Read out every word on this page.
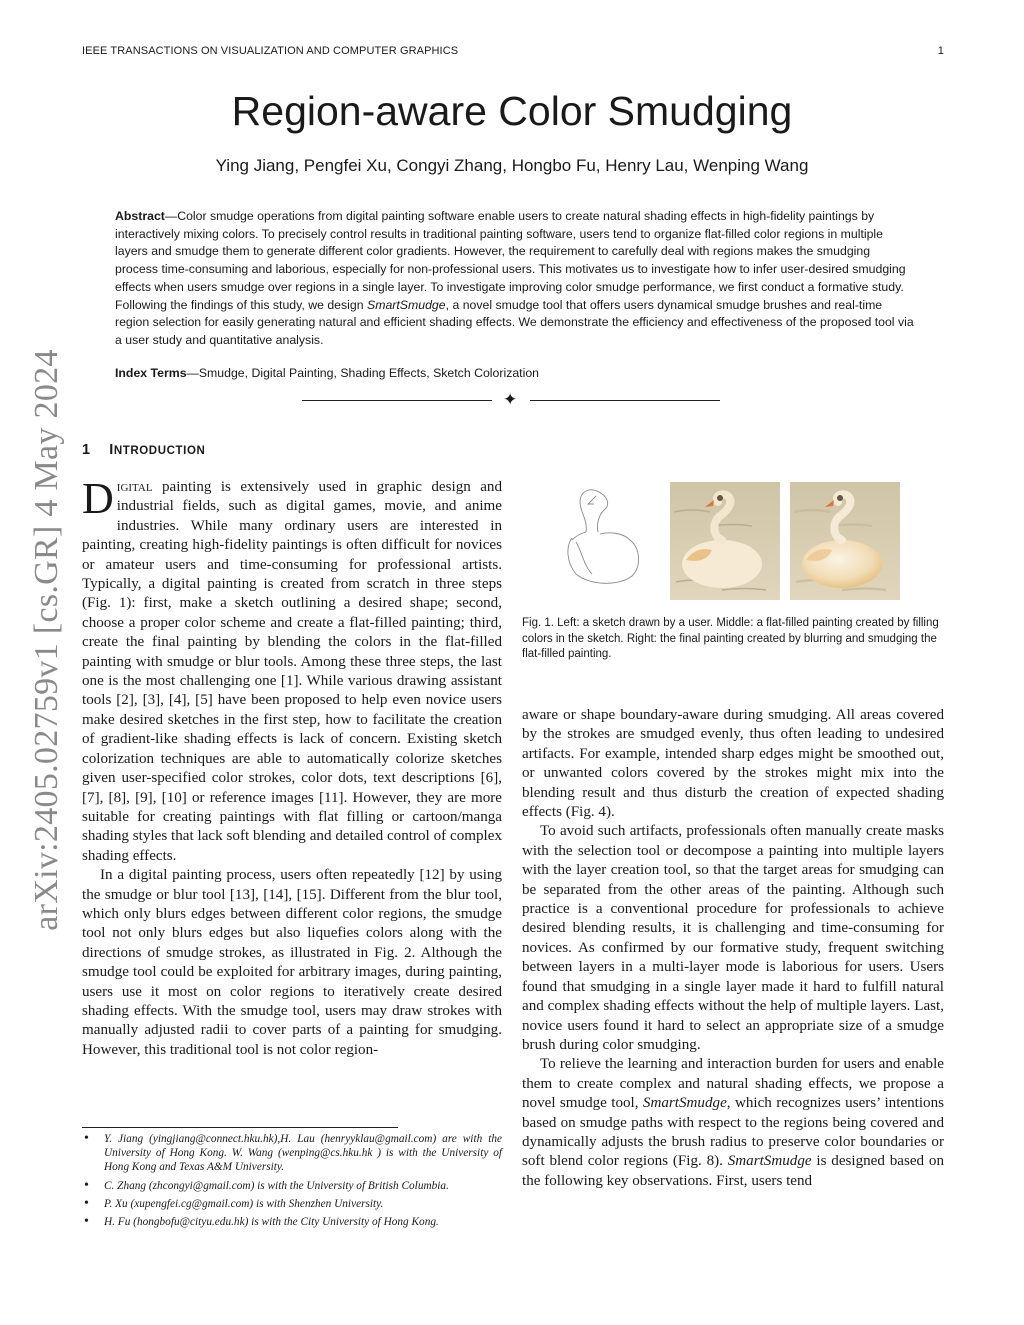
IEEE TRANSACTIONS ON VISUALIZATION AND COMPUTER GRAPHICS	1
arXiv:2405.02759v1 [cs.GR] 4 May 2024
Region-aware Color Smudging
Ying Jiang, Pengfei Xu, Congyi Zhang, Hongbo Fu, Henry Lau, Wenping Wang

Abstract—Color smudge operations from digital painting software enable users to create natural shading effects in high-fidelity paintings by interactively mixing colors. To precisely control results in traditional painting software, users tend to organize flat-filled color regions in multiple layers and smudge them to generate different color gradients. However, the requirement to carefully deal with regions makes the smudging process time-consuming and laborious, especially for non-professional users. This motivates us to investigate how to infer user-desired smudging effects when users smudge over regions in a single layer. To investigate improving color smudge performance, we first conduct a formative study. Following the findings of this study, we design SmartSmudge, a novel smudge tool that offers users dynamical smudge brushes and real-time region selection for easily generating natural and efficient shading effects. We demonstrate the efficiency and effectiveness of the proposed tool via a user study and quantitative analysis.

Index Terms—Smudge, Digital Painting, Shading Effects, Sketch Colorization
✦
1 INTRODUCTION

Digital painting is extensively used in graphic design and industrial fields, such as digital games, movie, and anime industries. While many ordinary users are interested in painting, creating high-fidelity paintings is often difficult for novices or amateur users and time-consuming for professional artists. Typically, a digital painting is created from scratch in three steps (Fig. 1): first, make a sketch outlining a desired shape; second, choose a proper color scheme and create a flat-filled painting; third, create the final painting by blending the colors in the flat-filled painting with smudge or blur tools. Among these three steps, the last one is the most challenging one [1]. While various drawing assistant tools [2], [3], [4], [5] have been proposed to help even novice users make desired sketches in the first step, how to facilitate the creation of gradient-like shading effects is lack of concern. Existing sketch colorization techniques are able to automatically colorize sketches given user-specified color strokes, color dots, text descriptions [6], [7], [8], [9], [10] or reference images [11]. However, they are more suitable for creating paintings with flat filling or cartoon/manga shading styles that lack soft blending and detailed control of complex shading effects.

In a digital painting process, users often repeatedly [12] by using the smudge or blur tool [13], [14], [15]. Different from the blur tool, which only blurs edges between different color regions, the smudge tool not only blurs edges but also liquefies colors along with the directions of smudge strokes, as illustrated in Fig. 2. Although the smudge tool could be exploited for arbitrary images, during painting, users use it most on color regions to iteratively create desired shading effects. With the smudge tool, users may draw strokes with manually adjusted radii to cover parts of a painting for smudging. However, this traditional tool is not color region-

Fig. 1. Left: a sketch drawn by a user. Middle: a flat-filled painting created by filling colors in the sketch. Right: the final painting created by blurring and smudging the flat-filled painting.

aware or shape boundary-aware during smudging. All areas covered by the strokes are smudged evenly, thus often leading to undesired artifacts. For example, intended sharp edges might be smoothed out, or unwanted colors covered by the strokes might mix into the blending result and thus disturb the creation of expected shading effects (Fig. 4).

To avoid such artifacts, professionals often manually create masks with the selection tool or decompose a painting into multiple layers with the layer creation tool, so that the target areas for smudging can be separated from the other areas of the painting. Although such practice is a conventional procedure for professionals to achieve desired blending results, it is challenging and time-consuming for novices. As confirmed by our formative study, frequent switching between layers in a multi-layer mode is laborious for users. Users found that smudging in a single layer made it hard to fulfill natural and complex shading effects without the help of multiple layers. Last, novice users found it hard to select an appropriate size of a smudge brush during color smudging.

To relieve the learning and interaction burden for users and enable them to create complex and natural shading effects, we propose a novel smudge tool, SmartSmudge, which recognizes users’ intentions based on smudge paths with respect to the regions being covered and dynamically adjusts the brush radius to preserve color boundaries or soft blend color regions (Fig. 8). SmartSmudge is designed based on the following key observations. First, users tend

• Y. Jiang (yingjiang@connect.hku.hk),H. Lau (henryyklau@gmail.com) are with the University of Hong Kong. W. Wang (wenping@cs.hku.hk ) is with the University of Hong Kong and Texas A&M University.
• C. Zhang (zhcongyi@gmail.com) is with the University of British Columbia.
• P. Xu (xupengfei.cg@gmail.com) is with Shenzhen University.
• H. Fu (hongbofu@cityu.edu.hk) is with the City University of Hong Kong.
